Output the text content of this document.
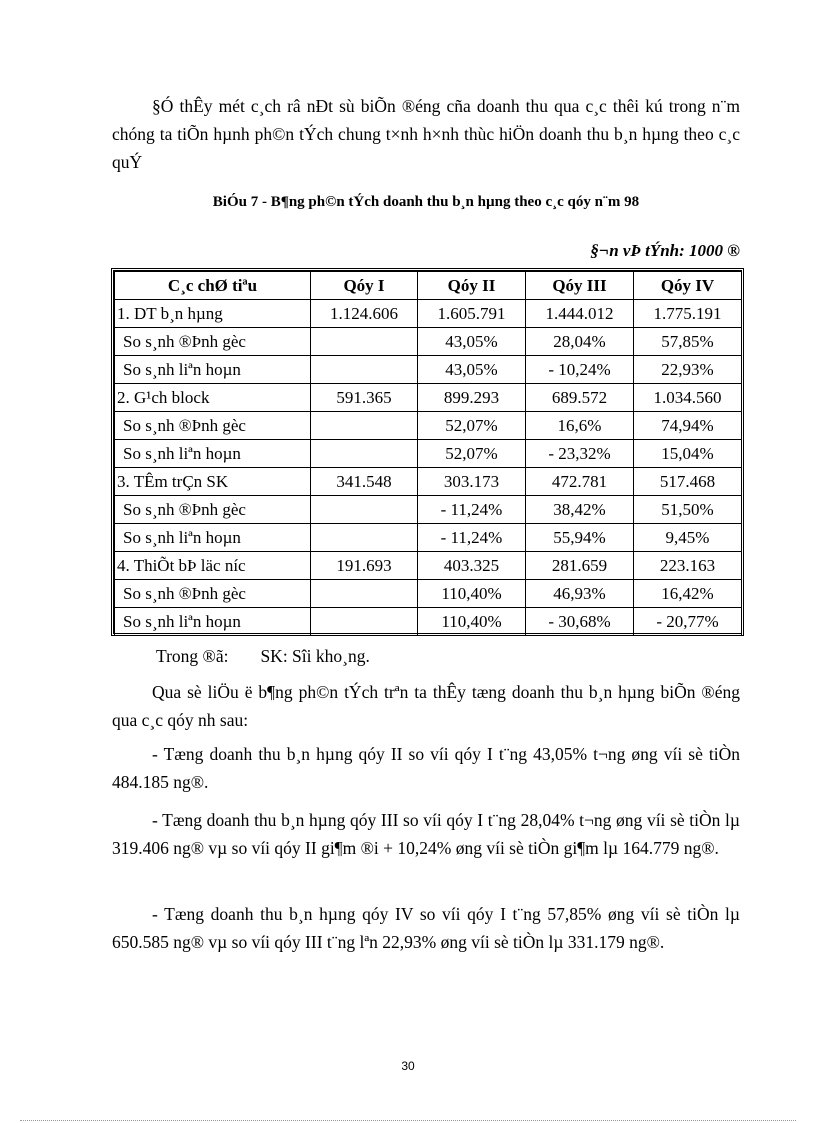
§Ó thÊy mét c¸ch râ nÐt sù biÕn ®éng cña doanh thu qua c¸c thêi kú trong n¨m chóng ta tiÕn hµnh ph©n tÝch chung t×nh h×nh thùc hiÖn doanh thu b¸n hµng theo c¸c quÝ
BiÓu 7 - B¶ng ph©n tÝch doanh thu b¸n hµng theo c¸c qóy n¨m 98
§¬n vÞ tÝnh: 1000 ®
C¸c chØ tiªu	Qóy I	Qóy II	Qóy III	Qóy IV
1. DT b¸n hµng	1.124.606	1.605.791	1.444.012	1.775.191
So s¸nh ®Þnh gèc		43,05%	28,04%	57,85%
So s¸nh liªn hoµn		43,05%	- 10,24%	22,93%
2. G¹ch block	591.365	899.293	689.572	1.034.560
So s¸nh ®Þnh gèc		52,07%	16,6%	74,94%
So s¸nh liªn hoµn		52,07%	- 23,32%	15,04%
3. TÊm trÇn SK	341.548	303.173	472.781	517.468
So s¸nh ®Þnh gèc		- 11,24%	38,42%	51,50%
So s¸nh liªn hoµn		- 11,24%	55,94%	9,45%
4. ThiÕt bÞ läc níc	191.693	403.325	281.659	223.163
So s¸nh ®Þnh gèc		110,40%	46,93%	16,42%
So s¸nh liªn hoµn		110,40%	- 30,68%	- 20,77%
Trong ®ã: SK: Sîi kho¸ng.
Qua sè liÖu ë b¶ng ph©n tÝch trªn ta thÊy tæng doanh thu b¸n hµng biÕn ®éng qua c¸c qóy nh sau:
- Tæng doanh thu b¸n hµng qóy II so víi qóy I t¨ng 43,05% t¬ng øng víi sè tiÒn 484.185 ng®.
- Tæng doanh thu b¸n hµng qóy III so víi qóy I t¨ng 28,04% t¬ng øng víi sè tiÒn lµ 319.406 ng® vµ so víi qóy II gi¶m ®i + 10,24% øng víi sè tiÒn gi¶m lµ 164.779 ng®.
- Tæng doanh thu b¸n hµng qóy IV so víi qóy I t¨ng 57,85% øng víi sè tiÒn lµ 650.585 ng® vµ so víi qóy III t¨ng lªn 22,93% øng víi sè tiÒn lµ 331.179 ng®.
30
